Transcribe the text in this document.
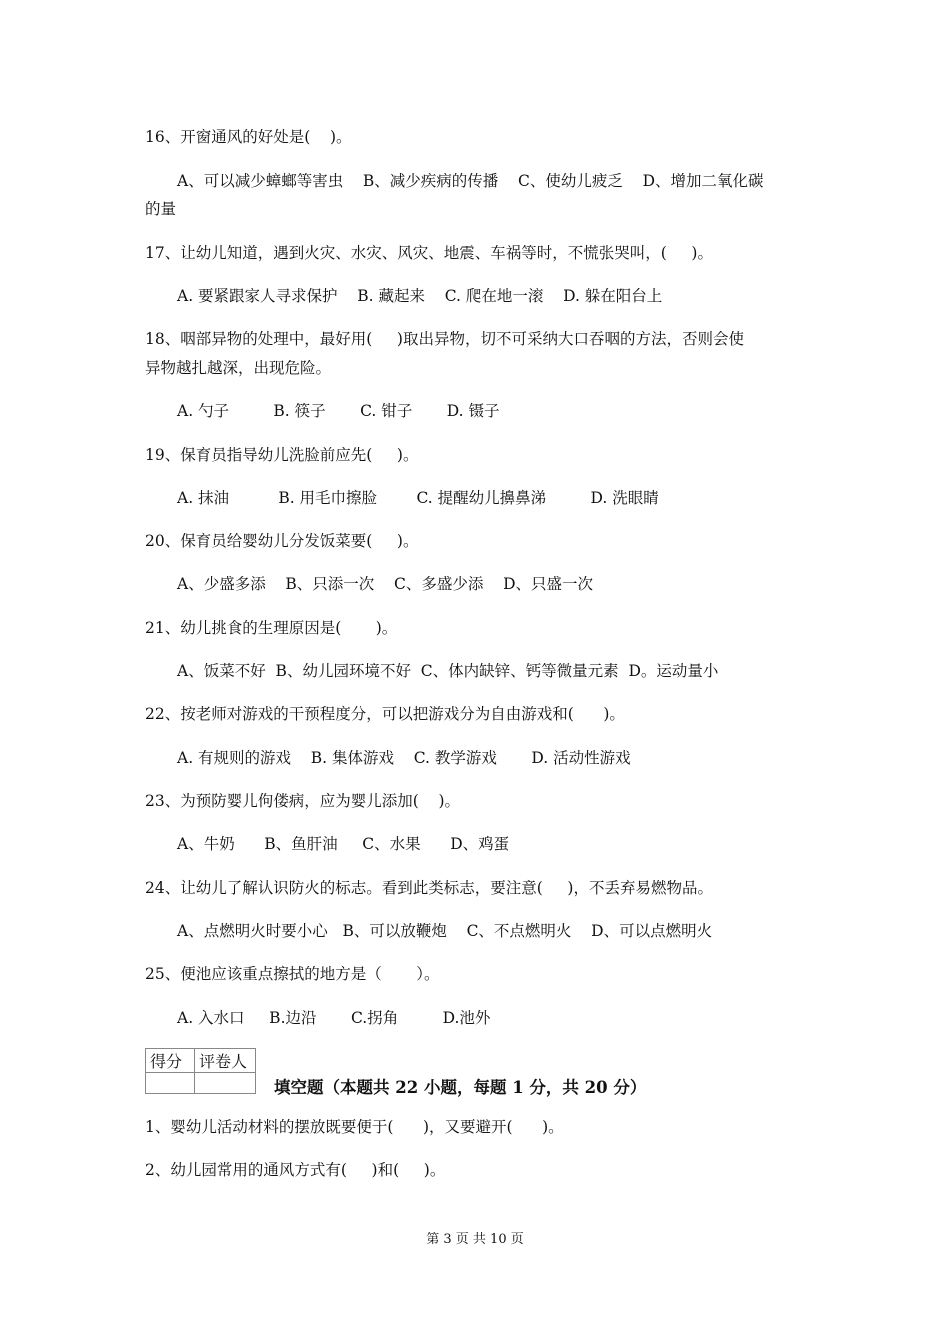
16、开窗通风的好处是(    )。
A、可以减少蟑螂等害虫    B、减少疾病的传播    C、使幼儿疲乏    D、增加二氧化碳
的量
17、让幼儿知道，遇到火灾、水灾、风灾、地震、车祸等时，不慌张哭叫，(     )。
A. 要紧跟家人寻求保护    B. 藏起来    C. 爬在地一滚    D. 躲在阳台上
18、咽部异物的处理中，最好用(     )取出异物，切不可采纳大口吞咽的方法，否则会使
异物越扎越深，出现危险。
A. 勺子         B. 筷子       C. 钳子       D. 镊子
19、保育员指导幼儿洗脸前应先(     )。
A. 抹油          B. 用毛巾擦脸        C. 提醒幼儿擤鼻涕         D. 洗眼睛
20、保育员给婴幼儿分发饭菜要(     )。
A、少盛多添    B、只添一次    C、多盛少添    D、只盛一次
21、幼儿挑食的生理原因是(       )。
A、饭菜不好  B、幼儿园环境不好  C、体内缺锌、钙等微量元素  D。运动量小
22、按老师对游戏的干预程度分，可以把游戏分为自由游戏和(      )。
A. 有规则的游戏    B. 集体游戏    C. 教学游戏       D. 活动性游戏
23、为预防婴儿佝偻病，应为婴儿添加(    )。
A、牛奶      B、鱼肝油     C、水果      D、鸡蛋
24、让幼儿了解认识防火的标志。看到此类标志，要注意(     )，不丢弃易燃物品。
A、点燃明火时要小心   B、可以放鞭炮    C、不点燃明火    D、可以点燃明火
25、便池应该重点擦拭的地方是（       ）。
A. 入水口     B.边沿       C.拐角         D.池外
得分	评卷人

填空题（本题共 22 小题，每题 1 分，共 20 分）
1、婴幼儿活动材料的摆放既要便于(      )，又要避开(      )。
2、幼儿园常用的通风方式有(     )和(     )。
第 3 页 共 10 页
